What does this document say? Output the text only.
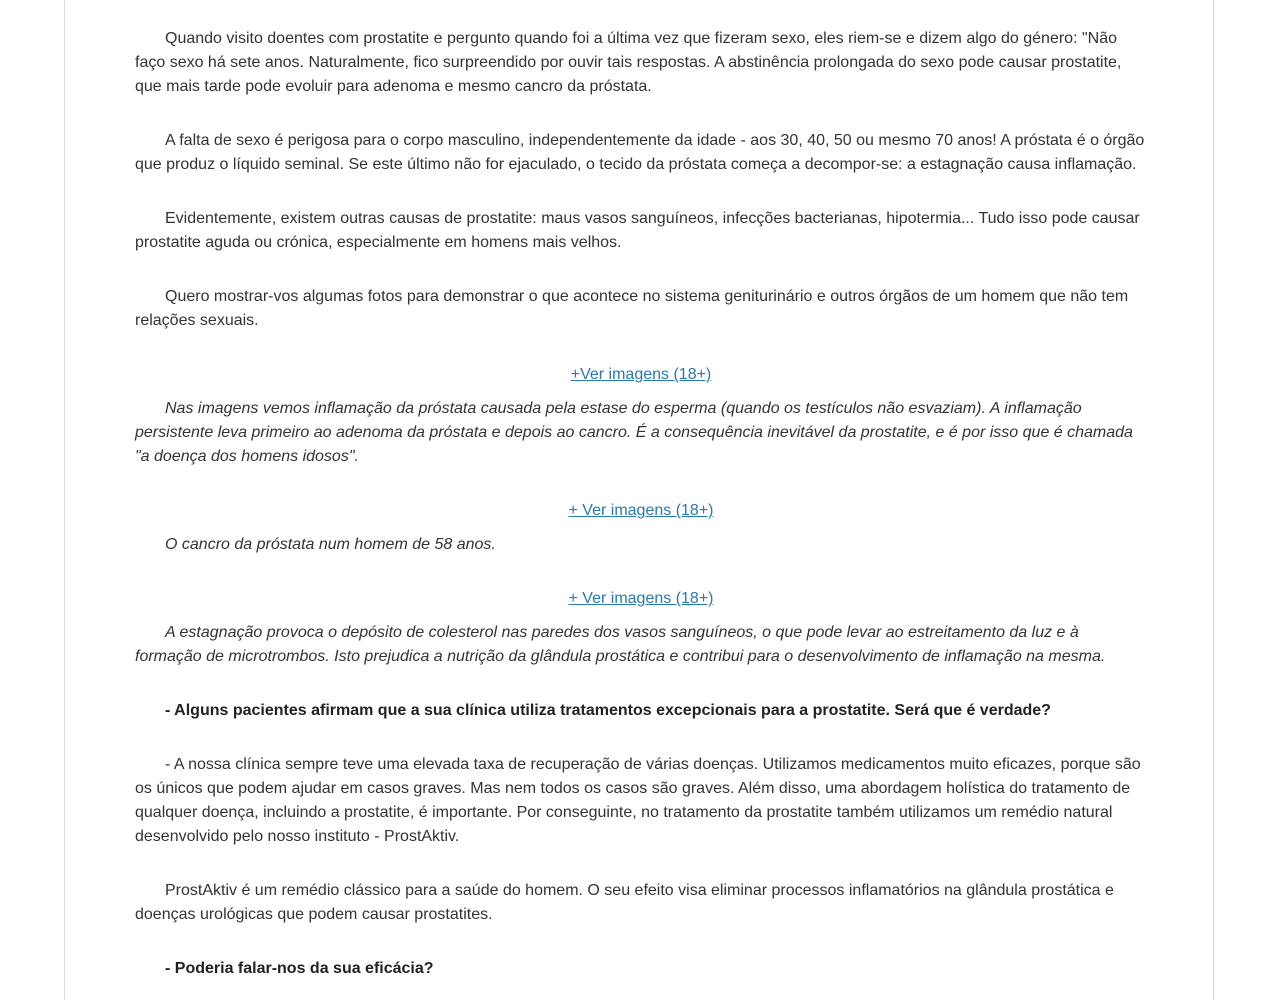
Quando visito doentes com prostatite e pergunto quando foi a última vez que fizeram sexo, eles riem-se e dizem algo do género: "Não faço sexo há sete anos. Naturalmente, fico surpreendido por ouvir tais respostas. A abstinência prolongada do sexo pode causar prostatite, que mais tarde pode evoluir para adenoma e mesmo cancro da próstata.

A falta de sexo é perigosa para o corpo masculino, independentemente da idade - aos 30, 40, 50 ou mesmo 70 anos! A próstata é o órgão que produz o líquido seminal. Se este último não for ejaculado, o tecido da próstata começa a decompor-se: a estagnação causa inflamação.

Evidentemente, existem outras causas de prostatite: maus vasos sanguíneos, infecções bacterianas, hipotermia... Tudo isso pode causar prostatite aguda ou crónica, especialmente em homens mais velhos.

Quero mostrar-vos algumas fotos para demonstrar o que acontece no sistema geniturinário e outros órgãos de um homem que não tem relações sexuais.

+Ver imagens (18+)

Nas imagens vemos inflamação da próstata causada pela estase do esperma (quando os testículos não esvaziam). A inflamação persistente leva primeiro ao adenoma da próstata e depois ao cancro. É a consequência inevitável da prostatite, e é por isso que é chamada "a doença dos homens idosos".

+ Ver imagens (18+)

O cancro da próstata num homem de 58 anos.

+ Ver imagens (18+)

A estagnação provoca o depósito de colesterol nas paredes dos vasos sanguíneos, o que pode levar ao estreitamento da luz e à formação de microtrombos. Isto prejudica a nutrição da glândula prostática e contribui para o desenvolvimento de inflamação na mesma.

- Alguns pacientes afirmam que a sua clínica utiliza tratamentos excepcionais para a prostatite. Será que é verdade?

- A nossa clínica sempre teve uma elevada taxa de recuperação de várias doenças. Utilizamos medicamentos muito eficazes, porque são os únicos que podem ajudar em casos graves. Mas nem todos os casos são graves. Além disso, uma abordagem holística do tratamento de qualquer doença, incluindo a prostatite, é importante. Por conseguinte, no tratamento da prostatite também utilizamos um remédio natural desenvolvido pelo nosso instituto - ProstAktiv.

ProstAktiv é um remédio clássico para a saúde do homem. O seu efeito visa eliminar processos inflamatórios na glândula prostática e doenças urológicas que podem causar prostatites.

- Poderia falar-nos da sua eficácia?
